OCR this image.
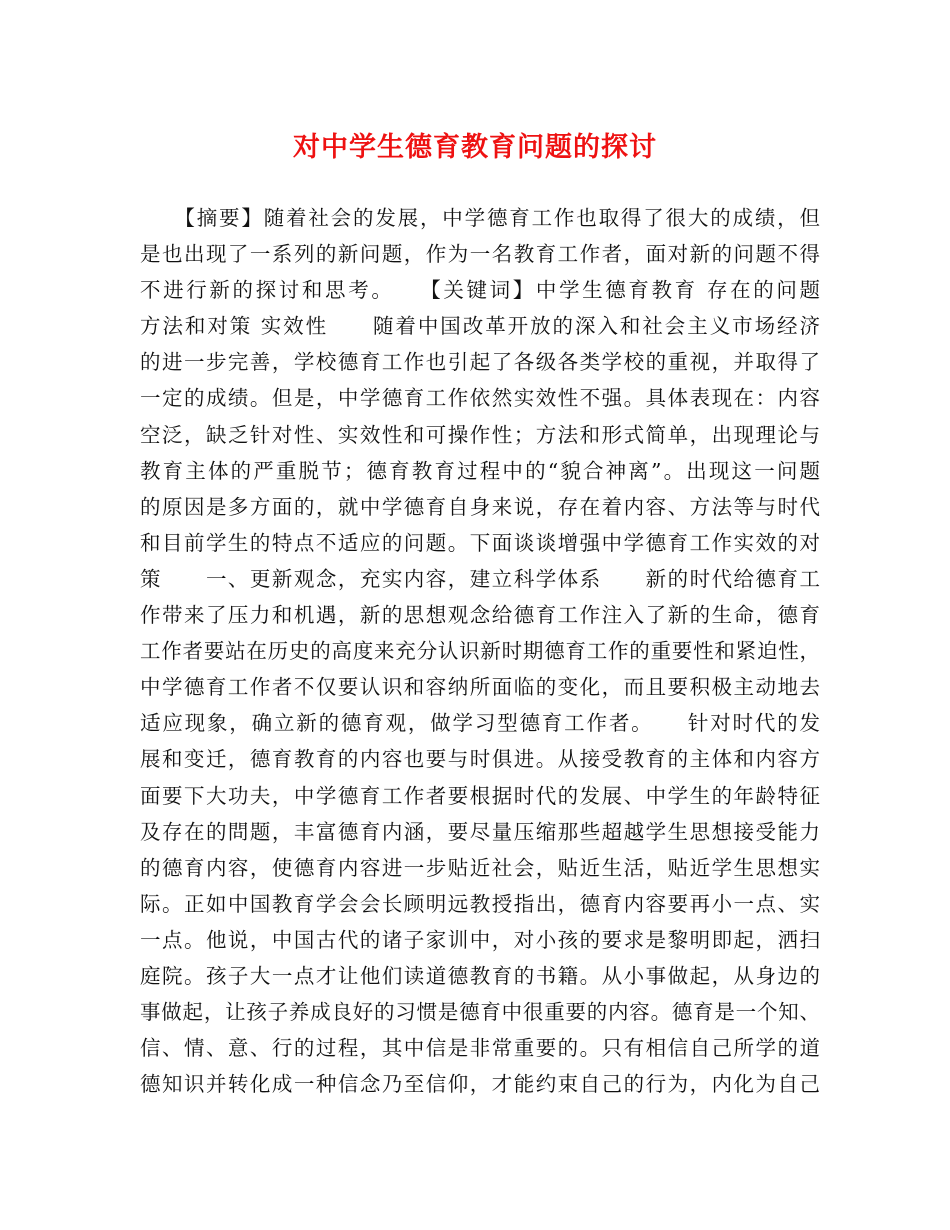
对中学生德育教育问题的探讨
　　【摘要】随着社会的发展，中学德育工作也取得了很大的成绩，但
是也出现了一系列的新问题，作为一名教育工作者，面对新的问题不得
不进行新的探讨和思考。　　【关键词】中学生德育教育 存在的问题
方法和对策 实效性　　随着中国改革开放的深入和社会主义市场经济
的进一步完善，学校德育工作也引起了各级各类学校的重视，并取得了
一定的成绩。但是，中学德育工作依然实效性不强。具体表现在：内容
空泛，缺乏针对性、实效性和可操作性；方法和形式简单，出现理论与
教育主体的严重脱节；德育教育过程中的“貌合神离”。出现这一问题
的原因是多方面的，就中学德育自身来说，存在着内容、方法等与时代
和目前学生的特点不适应的问题。下面谈谈增强中学德育工作实效的对
策　　一、更新观念，充实内容，建立科学体系　　新的时代给德育工
作带来了压力和机遇，新的思想观念给德育工作注入了新的生命，德育
工作者要站在历史的高度来充分认识新时期德育工作的重要性和紧迫性，
中学德育工作者不仅要认识和容纳所面临的变化，而且要积极主动地去
适应现象，确立新的德育观，做学习型德育工作者。　　针对时代的发
展和变迁，德育教育的内容也要与时俱进。从接受教育的主体和内容方
面要下大功夫，中学德育工作者要根据时代的发展、中学生的年龄特征
及存在的問题，丰富德育内涵，要尽量压缩那些超越学生思想接受能力
的德育内容，使德育内容进一步贴近社会，贴近生活，贴近学生思想实
际。正如中国教育学会会长顾明远教授指出，德育内容要再小一点、实
一点。他说，中国古代的诸子家训中，对小孩的要求是黎明即起，洒扫
庭院。孩子大一点才让他们读道德教育的书籍。从小事做起，从身边的
事做起，让孩子养成良好的习惯是德育中很重要的内容。德育是一个知、
信、情、意、行的过程，其中信是非常重要的。只有相信自己所学的道
德知识并转化成一种信念乃至信仰，才能约束自己的行为，内化为自己
